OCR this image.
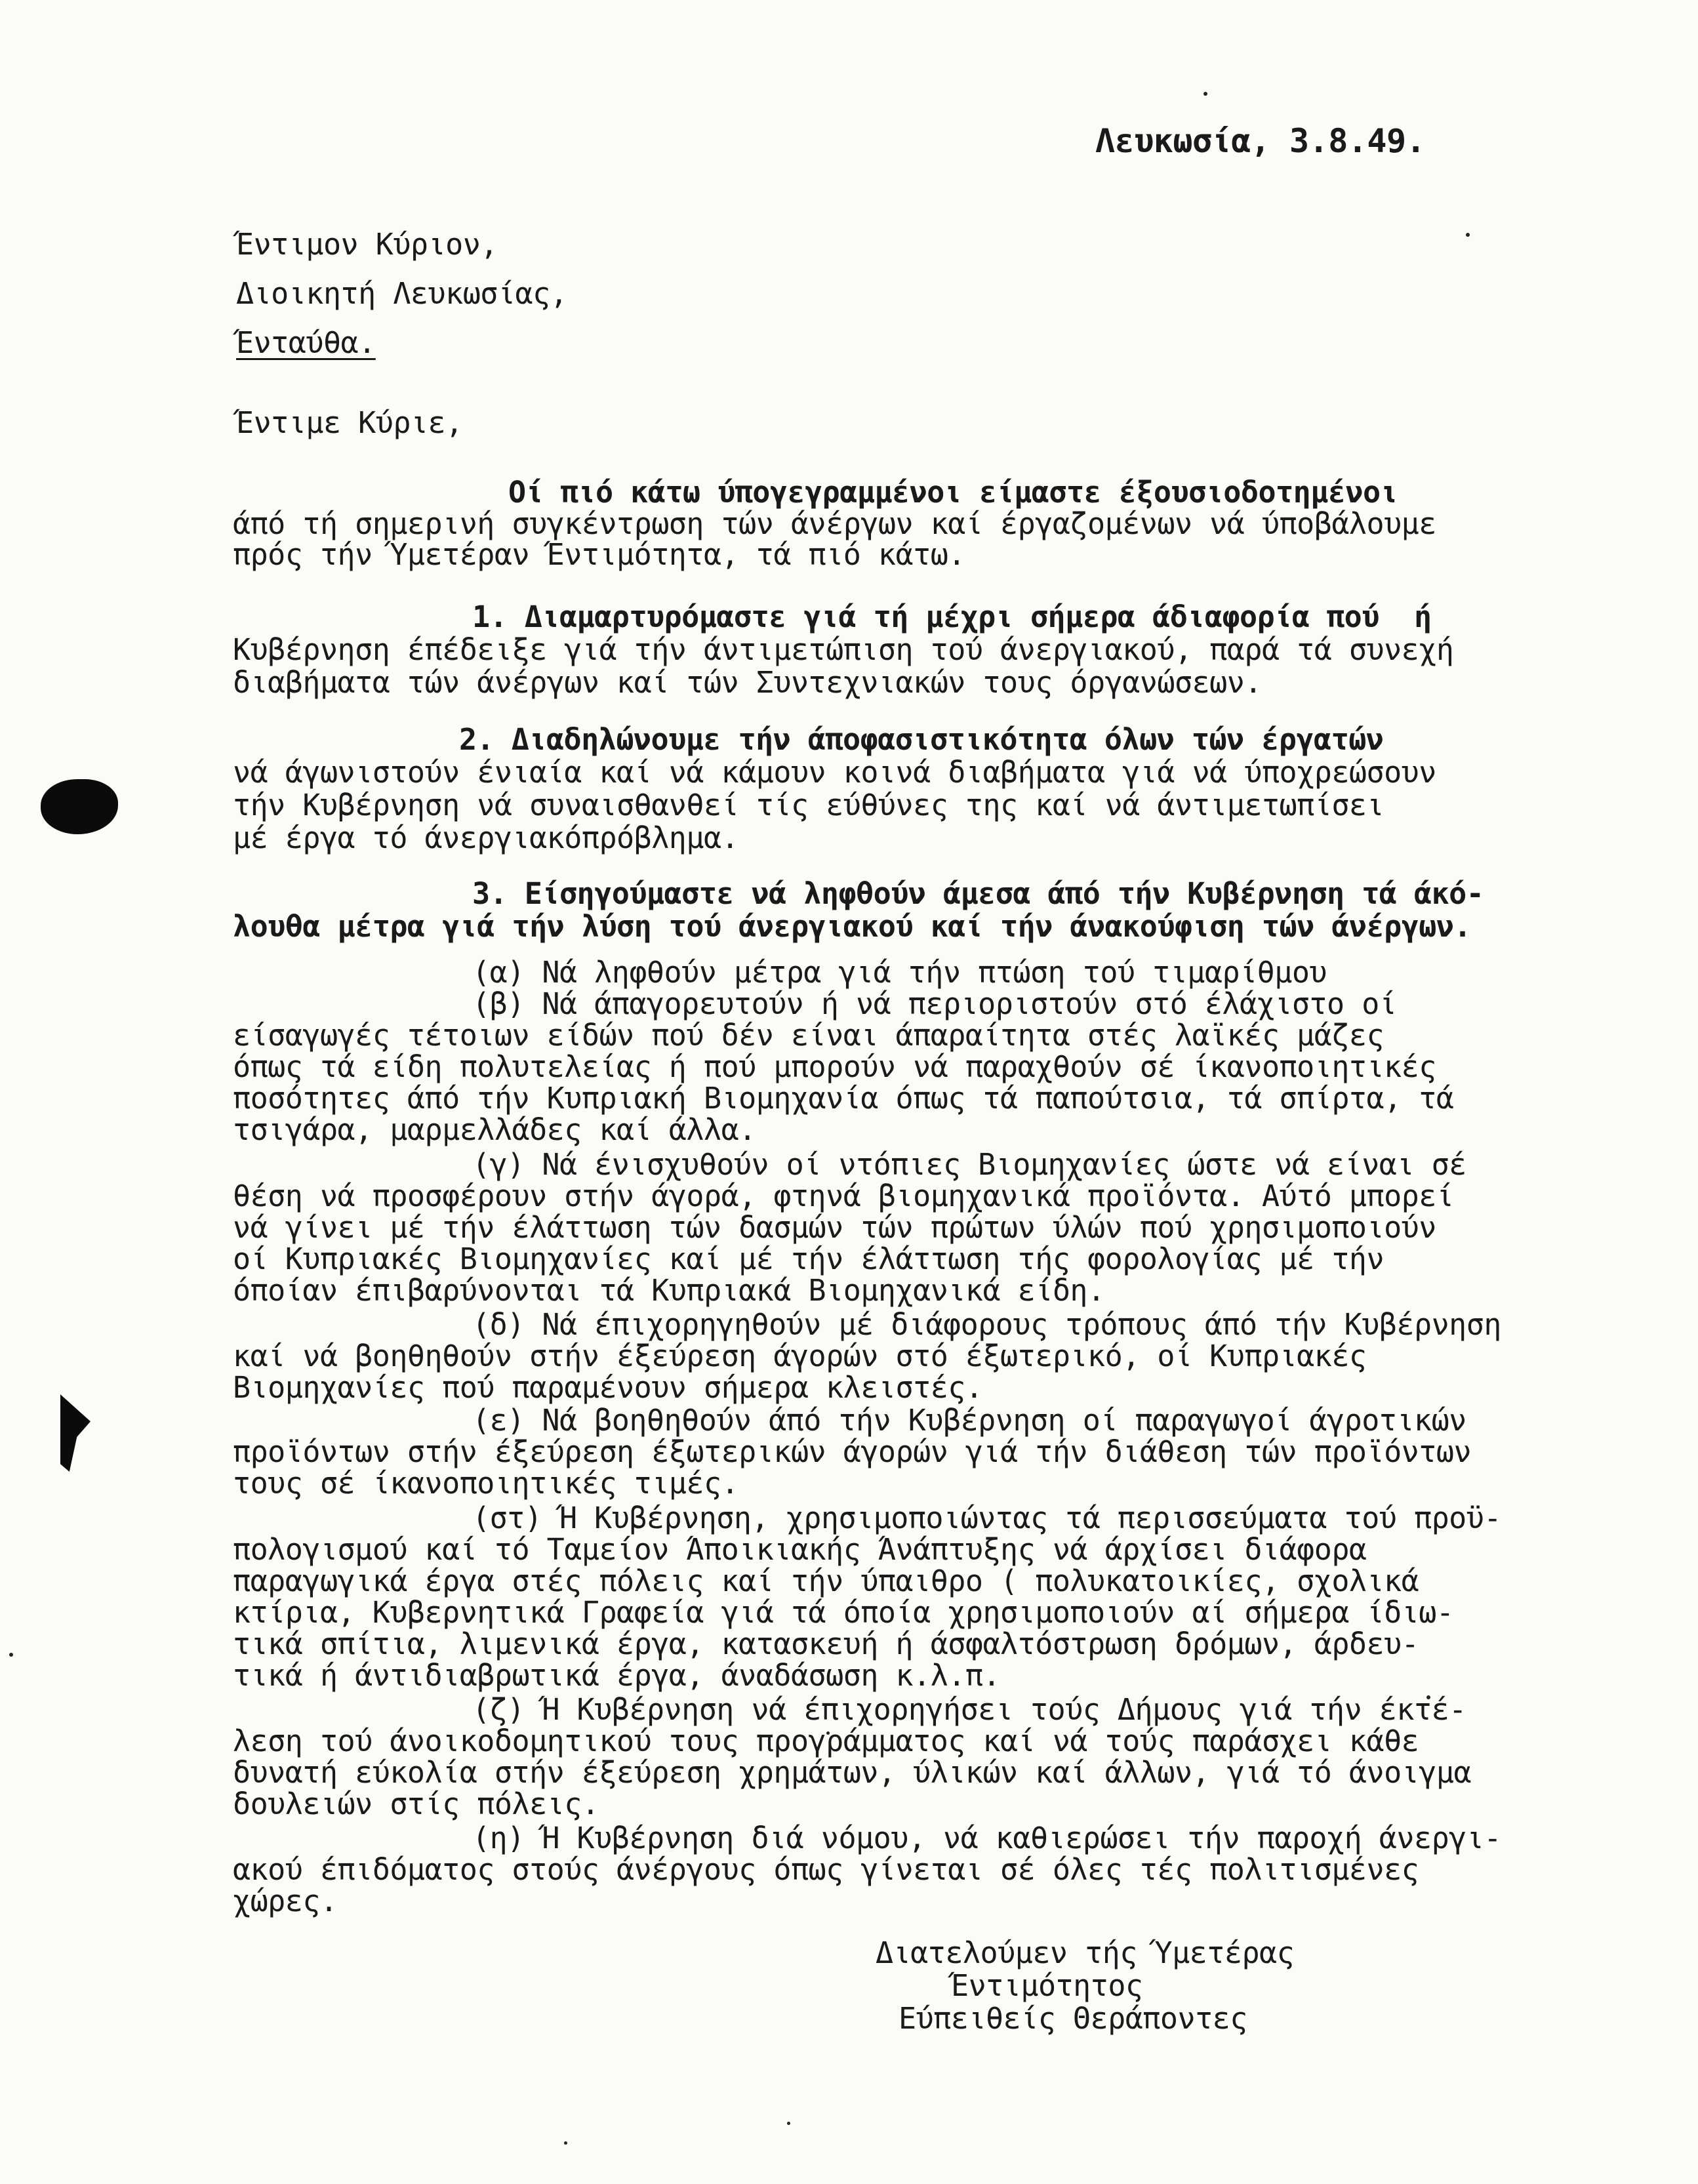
Λευκωσία, 3.8.49.
Έντιμον Κύριον,
Διοικητή Λευκωσίας,
Ένταύθα.
Έντιμε Κύριε,
Οί πιό κάτω ύπογεγραμμένοι είμαστε έξουσιοδοτημένοι
άπό τή σημερινή συγκέντρωση τών άνέργων καί έργαζομένων νά ύποβάλουμε
πρός τήν Ύμετέραν Έντιμότητα, τά πιό κάτω.
1. Διαμαρτυρόμαστε γιά τή μέχρι σήμερα άδιαφορία πού  ή
Κυβέρνηση έπέδειξε γιά τήν άντιμετώπιση τού άνεργιακού, παρά τά συνεχή
διαβήματα τών άνέργων καί τών Συντεχνιακών τους όργανώσεων.
2. Διαδηλώνουμε τήν άποφασιστικότητα όλων τών έργατών
νά άγωνιστούν ένιαία καί νά κάμουν κοινά διαβήματα γιά νά ύποχρεώσουν
τήν Κυβέρνηση νά συναισθανθεί τίς εύθύνες της καί νά άντιμετωπίσει
μέ έργα τό άνεργιακόπρόβλημα.
3. Είσηγούμαστε νά ληφθούν άμεσα άπό τήν Κυβέρνηση τά άκό-
λουθα μέτρα γιά τήν λύση τού άνεργιακού καί τήν άνακούφιση τών άνέργων.
(α) Νά ληφθούν μέτρα γιά τήν πτώση τού τιμαρίθμου
(β) Νά άπαγορευτούν ή νά περιοριστούν στό έλάχιστο οί
είσαγωγές τέτοιων είδών πού δέν είναι άπαραίτητα στές λαϊκές μάζες
όπως τά είδη πολυτελείας ή πού μπορούν νά παραχθούν σέ ίκανοποιητικές
ποσότητες άπό τήν Κυπριακή Βιομηχανία όπως τά παπούτσια, τά σπίρτα, τά
τσιγάρα, μαρμελλάδες καί άλλα.
(γ) Νά ένισχυθούν οί ντόπιες Βιομηχανίες ώστε νά είναι σέ
θέση νά προσφέρουν στήν άγορά, φτηνά βιομηχανικά προϊόντα. Αύτό μπορεί
νά γίνει μέ τήν έλάττωση τών δασμών τών πρώτων ύλών πού χρησιμοποιούν
οί Κυπριακές Βιομηχανίες καί μέ τήν έλάττωση τής φορολογίας μέ τήν
όποίαν έπιβαρύνονται τά Κυπριακά Βιομηχανικά είδη.
(δ) Νά έπιχορηγηθούν μέ διάφορους τρόπους άπό τήν Κυβέρνηση
καί νά βοηθηθούν στήν έξεύρεση άγορών στό έξωτερικό, οί Κυπριακές
Βιομηχανίες πού παραμένουν σήμερα κλειστές.
(ε) Νά βοηθηθούν άπό τήν Κυβέρνηση οί παραγωγοί άγροτικών
προϊόντων στήν έξεύρεση έξωτερικών άγορών γιά τήν διάθεση τών προϊόντων
τους σέ ίκανοποιητικές τιμές.
(στ) Ή Κυβέρνηση, χρησιμοποιώντας τά περισσεύματα τού προϋ-
πολογισμού καί τό Ταμείον Άποικιακής Άνάπτυξης νά άρχίσει διάφορα
παραγωγικά έργα στές πόλεις καί τήν ύπαιθρο ( πολυκατοικίες, σχολικά
κτίρια, Κυβερνητικά Γραφεία γιά τά όποία χρησιμοποιούν αί σήμερα ίδιω-
τικά σπίτια, λιμενικά έργα, κατασκευή ή άσφαλτόστρωση δρόμων, άρδευ-
τικά ή άντιδιαβρωτικά έργα, άναδάσωση κ.λ.π.
(ζ) Ή Κυβέρνηση νά έπιχορηγήσει τούς Δήμους γιά τήν έκτέ-
λεση τού άνοικοδομητικού τους προγράμματος καί νά τούς παράσχει κάθε
δυνατή εύκολία στήν έξεύρεση χρημάτων, ύλικών καί άλλων, γιά τό άνοιγμα
δουλειών στίς πόλεις.
(η) Ή Κυβέρνηση διά νόμου, νά καθιερώσει τήν παροχή άνεργι-
ακού έπιδόματος στούς άνέργους όπως γίνεται σέ όλες τές πολιτισμένες
χώρες.
Διατελούμεν τής Ύμετέρας
Έντιμότητος
Εύπειθείς Θεράποντες
